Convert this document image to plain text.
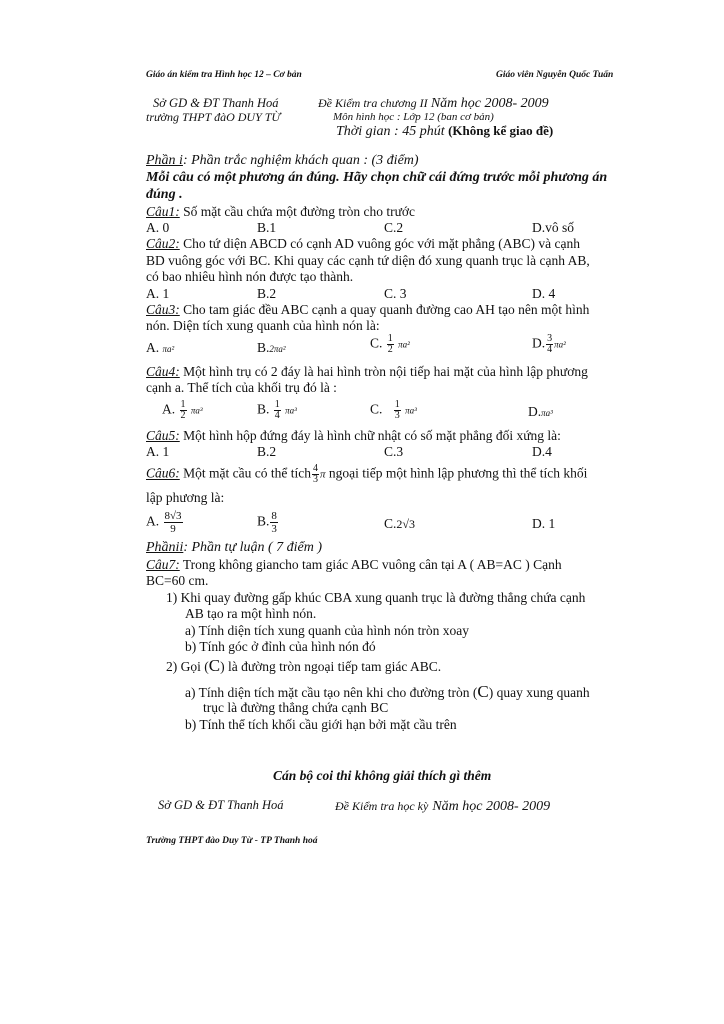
Giáo án kiểm tra Hình học 12 – Cơ bản	Giáo viên Nguyễn Quốc Tuấn
Sở GD & ĐT Thanh Hoá
trường THPT đàO DUY TỪ
Đề Kiểm tra chương II Năm học 2008- 2009
Môn hình học : Lớp 12 (ban cơ bản)
Thời gian : 45 phút (Không kể giao đề)
Phần i: Phần trắc nghiệm khách quan : (3 điểm)
Mỗi câu có một phương án đúng. Hãy chọn chữ cái đứng trước mỗi phương án
đúng .
Câu1: Số mặt cầu chứa một đường tròn cho trước
A. 0	B.1	C.2	D.vô số
Câu2: Cho tứ diện ABCD có cạnh AD vuông góc với mặt phẳng (ABC) và cạnh
BD vuông góc với BC. Khi quay các cạnh tứ diện đó xung quanh trục là cạnh AB,
có bao nhiêu hình nón được tạo thành.
A. 1	B.2	C. 3	D. 4
Câu3: Cho tam giác đều ABC cạnh a quay quanh đường cao AH tạo nên một hình
nón. Diện tích xung quanh của hình nón là:
A. πa²	B.2πa²	C. $\frac{1}{2} \pi a^2$	D. $\frac{3}{4} \pi a^2$
Câu4: Một hình trụ có 2 đáy là hai hình tròn nội tiếp hai mặt của hình lập phương
cạnh a. Thể tích của khối trụ đó là :
A. $\frac{1}{2} \pi a^3$	B. $\frac{1}{4} \pi a^3$	C. $\frac{1}{3} \pi a^3$	D.πa³
Câu5: Một hình hộp đứng đáy là hình chữ nhật có số mặt phẳng đối xứng là:
A. 1	B.2	C.3	D.4
Câu6: Một mặt cầu có thể tích $\frac{4}{3}$ π ngoại tiếp một hình lập phương thì thể tích khối
lập phương là:
A. $\frac{8√3}{9}$	B. $\frac{8}{3}$	C.2√3	D. 1
Phầnii: Phần tự luận ( 7 điểm )
Câu7: Trong không giancho tam giác ABC vuông cân tại A ( AB=AC ) Cạnh
BC=60 cm.
1) Khi quay đường gấp khúc CBA xung quanh trục là đường thẳng chứa cạnh
AB tạo ra một hình nón.
a) Tính diện tích xung quanh của hình nón tròn xoay
b) Tính góc ở đỉnh của hình nón đó
2) Gọi (C) là đường tròn ngoại tiếp tam giác ABC.
a) Tính diện tích mặt cầu tạo nên khi cho đường tròn (C) quay xung quanh
trục là đường thẳng chứa cạnh BC
b) Tính thể tích khối cầu giới hạn bởi mặt cầu trên
Cán bộ coi thi không giải thích gì thêm
Sở GD & ĐT Thanh Hoá	Đề Kiểm tra học kỳ Năm học 2008- 2009
Trường THPT đào Duy Từ - TP Thanh hoá
